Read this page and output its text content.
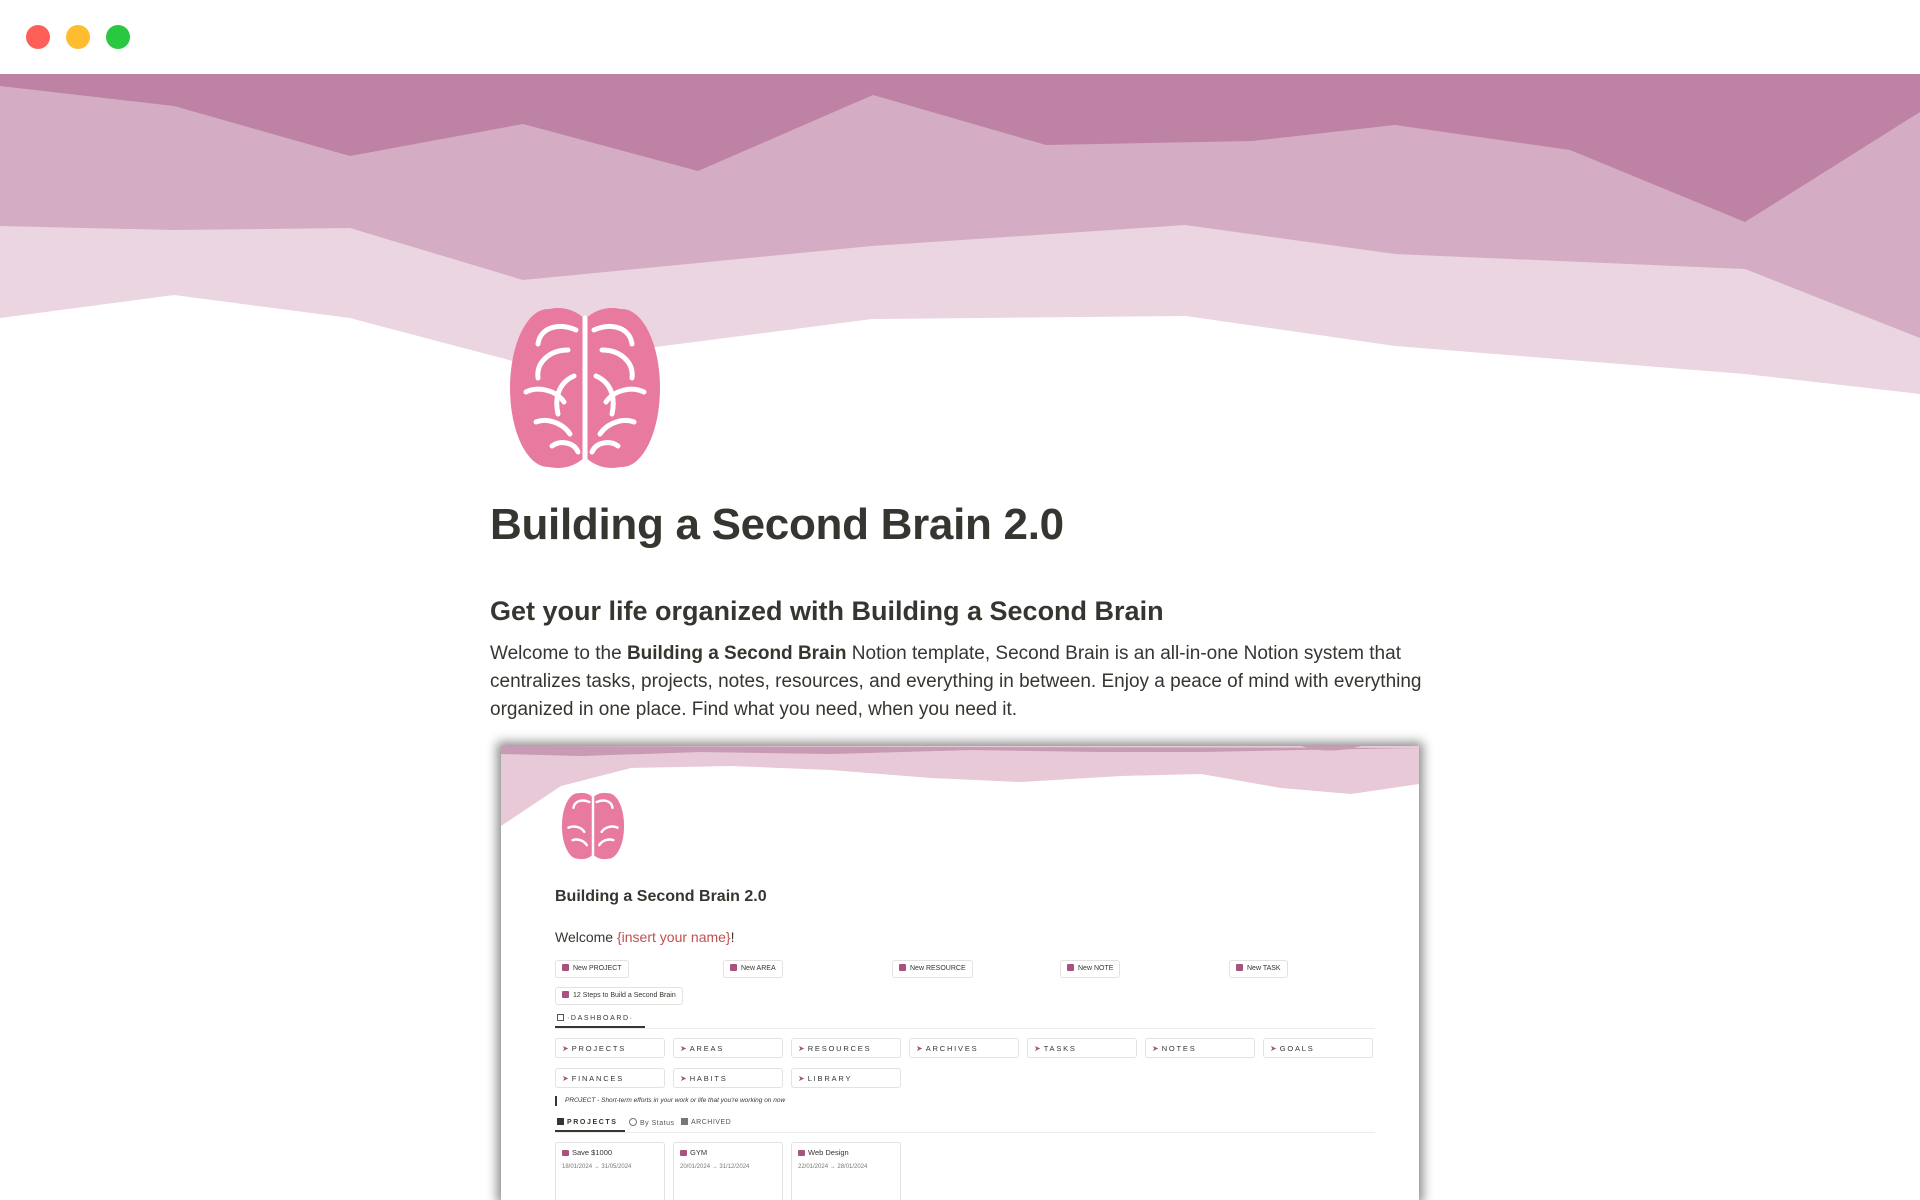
Building a Second Brain 2.0
Get your life organized with Building a Second Brain

Welcome to the Building a Second Brain Notion template, Second Brain is an all-in-one Notion system that centralizes tasks, projects, notes, resources, and everything in between. Enjoy a peace of mind with everything organized in one place. Find what you need, when you need it.

Building a Second Brain 2.0
Welcome {insert your name}!
New PROJECT	New AREA	New RESOURCE	New NOTE	New TASK
12 Steps to Build a Second Brain
·DASHBOARD·
➤ PROJECTS	➤ AREAS	➤ RESOURCES	➤ ARCHIVES	➤ TASKS	➤ NOTES	➤ GOALS
➤ FINANCES	➤ HABITS	➤ LIBRARY
PROJECT - Short-term efforts in your work or life that you're working on now
PROJECTS	By Status	ARCHIVED
Save $1000
18/01/2024 → 31/05/2024
GYM
20/01/2024 → 31/12/2024
Web Design
22/01/2024 → 28/01/2024
